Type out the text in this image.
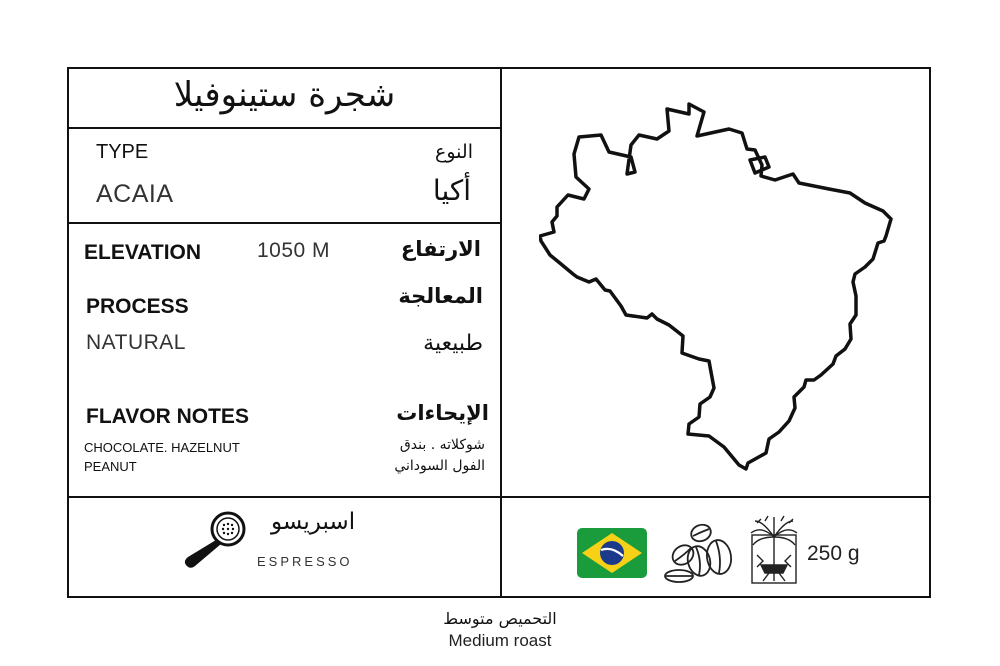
شجرة ستينوفيلا
TYPE	النوع
ACAIA	أكيا
ELEVATION	1050 M	الارتفاع
PROCESS	المعالجة
NATURAL	طبيعية
FLAVOR NOTES	الإيحاءات
CHOCOLATE. HAZELNUT
PEANUT
شوكلاته . بندق
الفول السوداني
اسبريسو
ESPRESSO	250 g
التحميص متوسط
Medium roast
